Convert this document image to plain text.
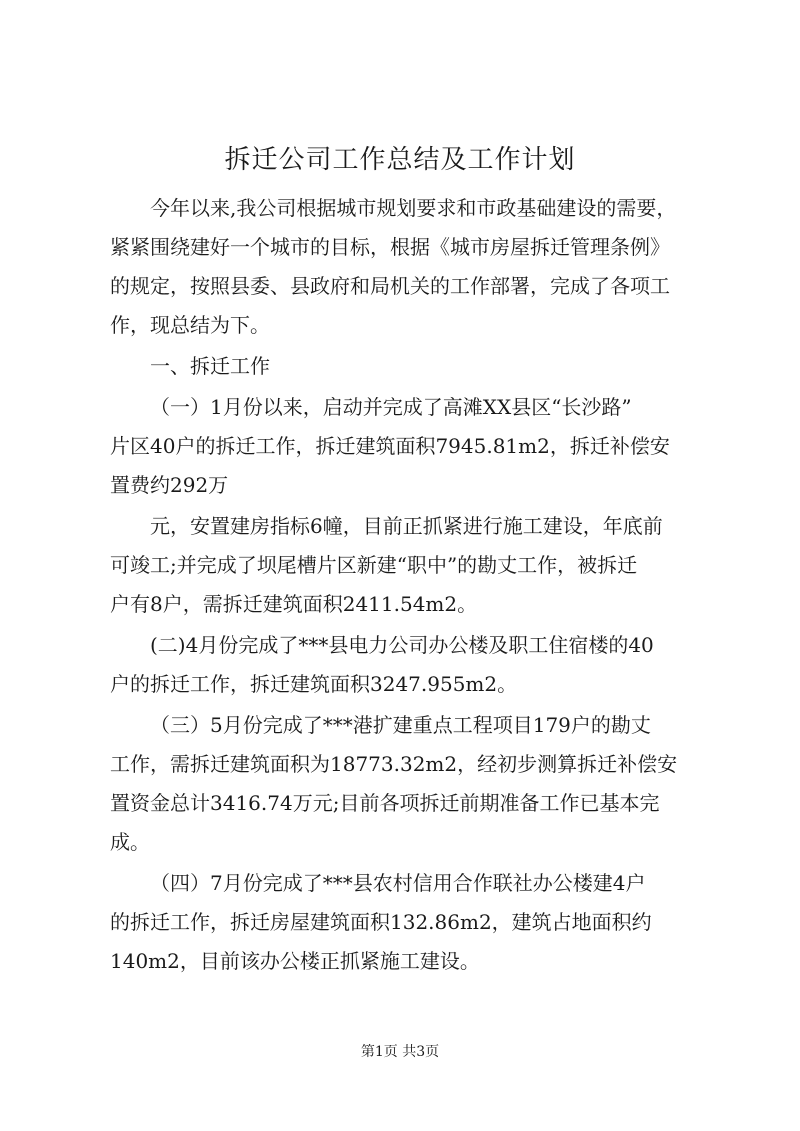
拆迁公司工作总结及工作计划

今年以来,我公司根据城市规划要求和市政基础建设的需要，

紧紧围绕建好一个城市的目标，根据《城市房屋拆迁管理条例》

的规定，按照县委、县政府和局机关的工作部署，完成了各项工

作，现总结为下。

一、拆迁工作

（一）1月份以来，启动并完成了高滩XX县区“长沙路”

片区40户的拆迁工作，拆迁建筑面积7945.81m2，拆迁补偿安

置费约292万

元，安置建房指标6幢，目前正抓紧进行施工建设，年底前

可竣工;并完成了坝尾槽片区新建“职中”的勘丈工作，被拆迁

户有8户，需拆迁建筑面积2411.54m2。

(二)4月份完成了***县电力公司办公楼及职工住宿楼的40

户的拆迁工作，拆迁建筑面积3247.955m2。

（三）5月份完成了***港扩建重点工程项目179户的勘丈

工作，需拆迁建筑面积为18773.32m2，经初步测算拆迁补偿安

置资金总计3416.74万元;目前各项拆迁前期准备工作已基本完

成。

（四）7月份完成了***县农村信用合作联社办公楼建4户

的拆迁工作，拆迁房屋建筑面积132.86m2，建筑占地面积约

140m2，目前该办公楼正抓紧施工建设。

第1页 共3页
